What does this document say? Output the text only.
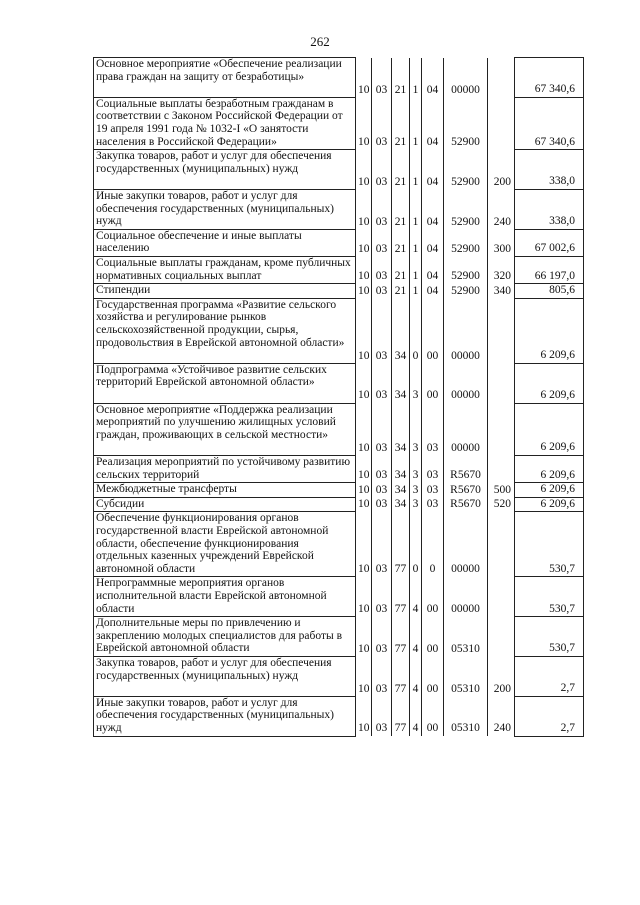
262
Основное мероприятие «Обеспечение реализации права граждан на защиту от безработицы»	10	03	21	1	04	00000		67 340,6
Социальные выплаты безработным гражданам в соответствии с Законом Российской Федерации от 19 апреля 1991 года № 1032-I «О занятости населения в Российской Федерации»	10	03	21	1	04	52900		67 340,6
Закупка товаров, работ и услуг для обеспечения государственных (муниципальных) нужд	10	03	21	1	04	52900	200	338,0
Иные закупки товаров, работ и услуг для обеспечения государственных (муниципальных) нужд	10	03	21	1	04	52900	240	338,0
Социальное обеспечение и иные выплаты населению	10	03	21	1	04	52900	300	67 002,6
Социальные выплаты гражданам, кроме публичных нормативных социальных выплат	10	03	21	1	04	52900	320	66 197,0
Стипендии	10	03	21	1	04	52900	340	805,6
Государственная программа «Развитие сельского хозяйства и регулирование рынков сельскохозяйственной продукции, сырья, продовольствия в Еврейской автономной области»	10	03	34	0	00	00000		6 209,6
Подпрограмма «Устойчивое развитие сельских территорий Еврейской автономной области»	10	03	34	3	00	00000		6 209,6
Основное мероприятие «Поддержка реализации мероприятий по улучшению жилищных условий граждан, проживающих в сельской местности»	10	03	34	3	03	00000		6 209,6
Реализация мероприятий по устойчивому развитию сельских территорий	10	03	34	3	03	R5670		6 209,6
Межбюджетные трансферты	10	03	34	3	03	R5670	500	6 209,6
Субсидии	10	03	34	3	03	R5670	520	6 209,6
Обеспечение функционирования органов государственной власти Еврейской автономной области, обеспечение функционирования отдельных казенных учреждений Еврейской автономной области	10	03	77	0	0	00000		530,7
Непрограммные мероприятия органов исполнительной власти Еврейской автономной области	10	03	77	4	00	00000		530,7
Дополнительные меры по привлечению и закреплению молодых специалистов для работы в Еврейской автономной области	10	03	77	4	00	05310		530,7
Закупка товаров, работ и услуг для обеспечения государственных (муниципальных) нужд	10	03	77	4	00	05310	200	2,7
Иные закупки товаров, работ и услуг для обеспечения государственных (муниципальных) нужд	10	03	77	4	00	05310	240	2,7
